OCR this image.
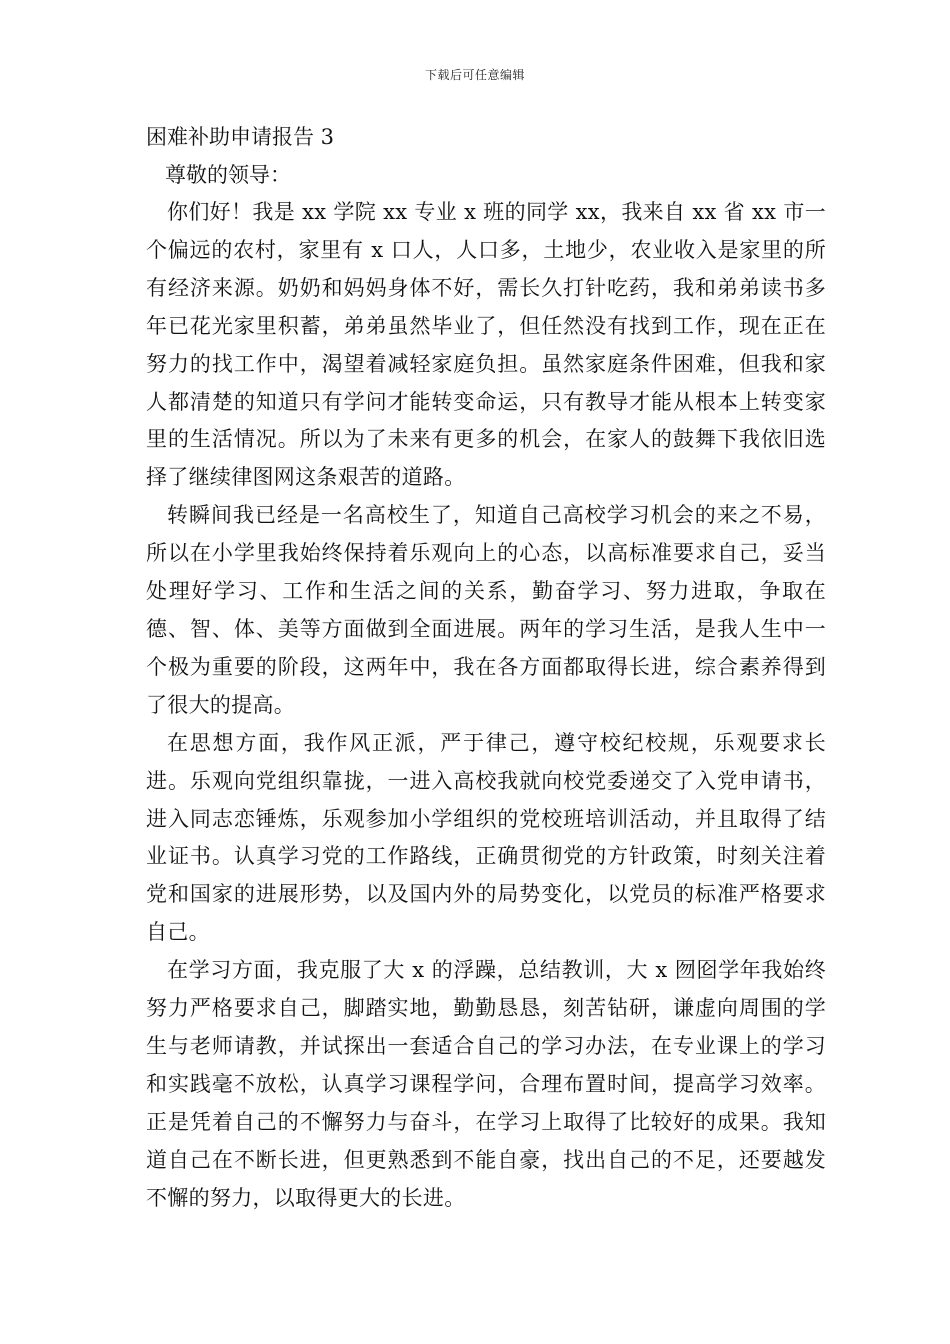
下载后可任意编辑
困难补助申请报告 3

尊敬的领导：

你们好！我是 xx 学院 xx 专业 x 班的同学 xx，我来自 xx 省 xx 市一个偏远的农村，家里有 x 口人，人口多，土地少，农业收入是家里的所有经济来源。奶奶和妈妈身体不好，需长久打针吃药，我和弟弟读书多年已花光家里积蓄，弟弟虽然毕业了，但任然没有找到工作，现在正在努力的找工作中，渴望着减轻家庭负担。虽然家庭条件困难，但我和家人都清楚的知道只有学问才能转变命运，只有教导才能从根本上转变家里的生活情况。所以为了未来有更多的机会，在家人的鼓舞下我依旧选择了继续律图网这条艰苦的道路。

转瞬间我已经是一名高校生了，知道自己高校学习机会的来之不易，所以在小学里我始终保持着乐观向上的心态，以高标准要求自己，妥当处理好学习、工作和生活之间的关系，勤奋学习、努力进取，争取在德、智、体、美等方面做到全面进展。两年的学习生活，是我人生中一个极为重要的阶段，这两年中，我在各方面都取得长进，综合素养得到了很大的提高。

在思想方面，我作风正派，严于律己，遵守校纪校规，乐观要求长进。乐观向党组织靠拢，一进入高校我就向校党委递交了入党申请书，进入同志恋锤炼，乐观参加小学组织的党校班培训活动，并且取得了结业证书。认真学习党的工作路线，正确贯彻党的方针政策，时刻关注着党和国家的进展形势，以及国内外的局势变化，以党员的标准严格要求自己。

在学习方面，我克服了大 x 的浮躁，总结教训，大 x 囫囵学年我始终努力严格要求自己，脚踏实地，勤勤恳恳，刻苦钻研，谦虚向周围的学生与老师请教，并试探出一套适合自己的学习办法，在专业课上的学习和实践毫不放松，认真学习课程学问，合理布置时间，提高学习效率。正是凭着自己的不懈努力与奋斗，在学习上取得了比较好的成果。我知道自己在不断长进，但更熟悉到不能自豪，找出自己的不足，还要越发不懈的努力，以取得更大的长进。
